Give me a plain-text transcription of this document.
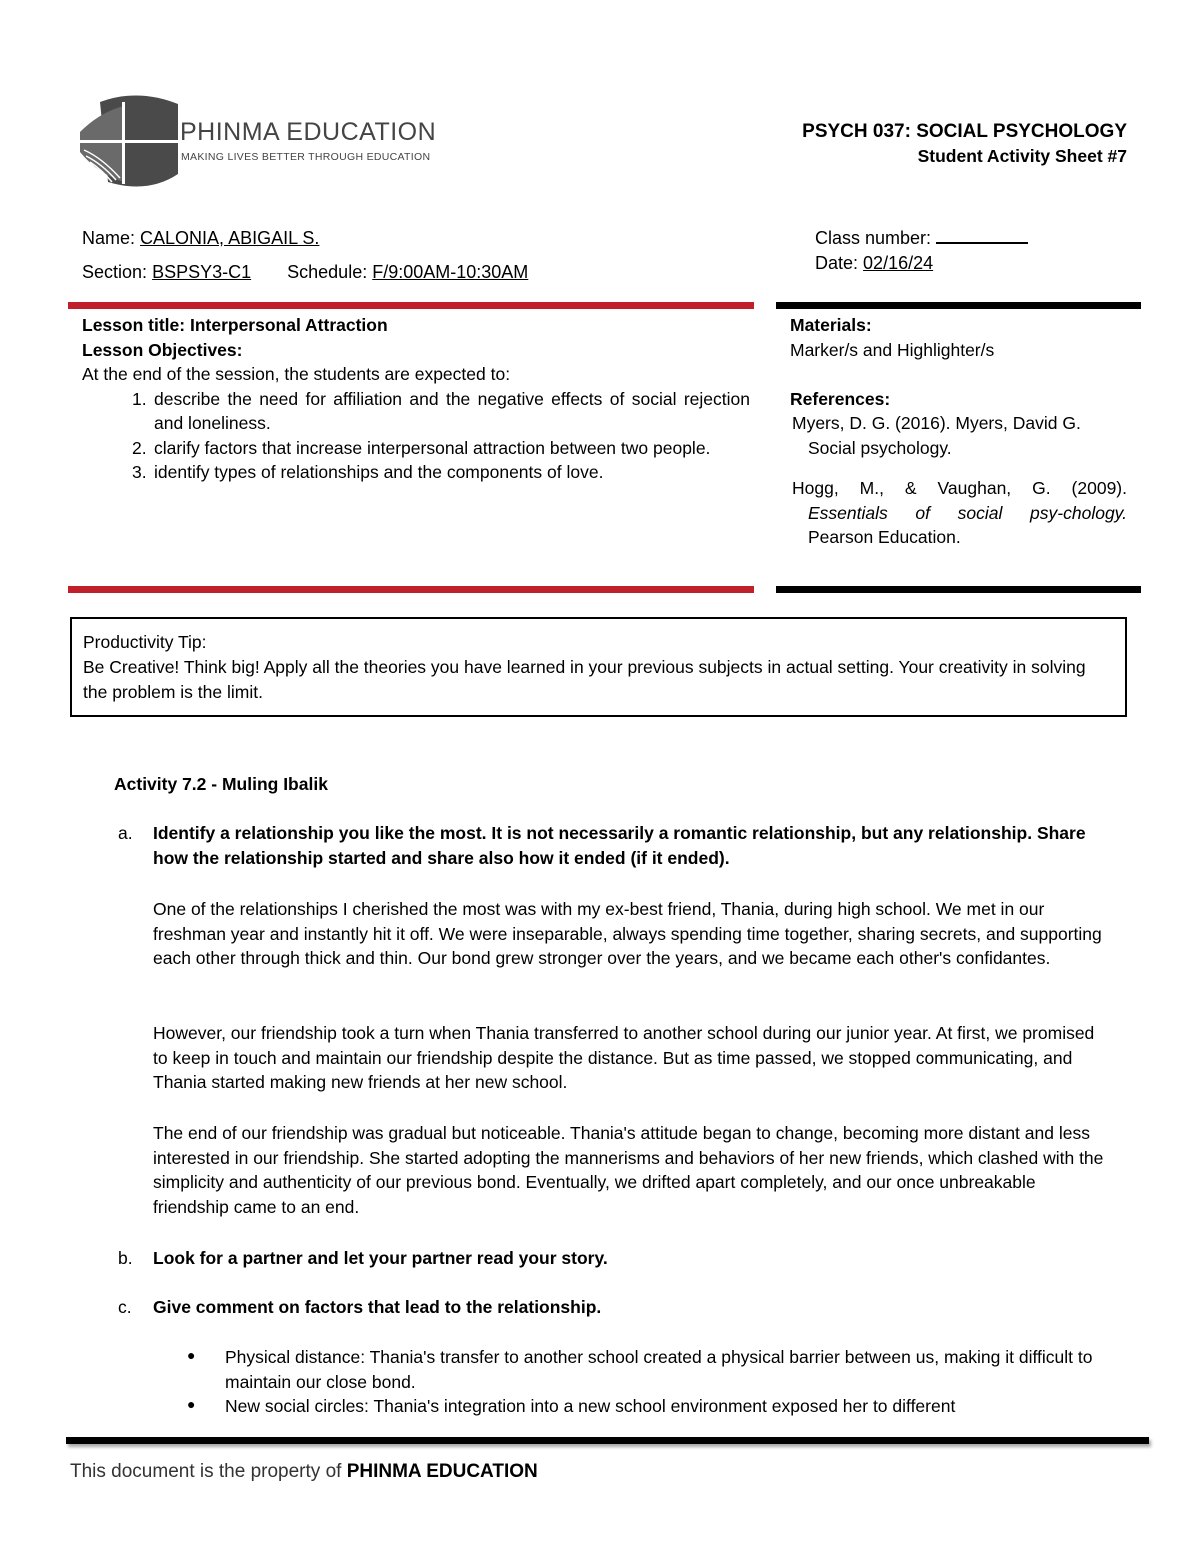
PHINMA EDUCATION
MAKING LIVES BETTER THROUGH EDUCATION
PSYCH 037: SOCIAL PSYCHOLOGY
Student Activity Sheet #7
Name: CALONIA, ABIGAIL S.
Section: BSPSY3-C1 Schedule: F/9:00AM-10:30AM
Class number:
Date: 02/16/24
Lesson title: Interpersonal Attraction
Lesson Objectives:
At the end of the session, the students are expected to:
1. describe the need for affiliation and the negative effects of social rejection and loneliness.
2. clarify factors that increase interpersonal attraction between two people.
3. identify types of relationships and the components of love.
Materials:
Marker/s and Highlighter/s
References:
Myers, D. G. (2016). Myers, David G. Social psychology.
Hogg, M., & Vaughan, G. (2009). Essentials of social psy-chology. Pearson Education.
Productivity Tip:
Be Creative! Think big! Apply all the theories you have learned in your previous subjects in actual setting. Your creativity in solving the problem is the limit.
Activity 7.2 - Muling Ibalik
a. Identify a relationship you like the most. It is not necessarily a romantic relationship, but any relationship. Share how the relationship started and share also how it ended (if it ended).
One of the relationships I cherished the most was with my ex-best friend, Thania, during high school. We met in our freshman year and instantly hit it off. We were inseparable, always spending time together, sharing secrets, and supporting each other through thick and thin. Our bond grew stronger over the years, and we became each other's confidantes.
However, our friendship took a turn when Thania transferred to another school during our junior year. At first, we promised to keep in touch and maintain our friendship despite the distance. But as time passed, we stopped communicating, and Thania started making new friends at her new school.
The end of our friendship was gradual but noticeable. Thania's attitude began to change, becoming more distant and less interested in our friendship. She started adopting the mannerisms and behaviors of her new friends, which clashed with the simplicity and authenticity of our previous bond. Eventually, we drifted apart completely, and our once unbreakable friendship came to an end.
b. Look for a partner and let your partner read your story.
c. Give comment on factors that lead to the relationship.
● Physical distance: Thania's transfer to another school created a physical barrier between us, making it difficult to maintain our close bond.
● New social circles: Thania's integration into a new school environment exposed her to different
This document is the property of PHINMA EDUCATION
